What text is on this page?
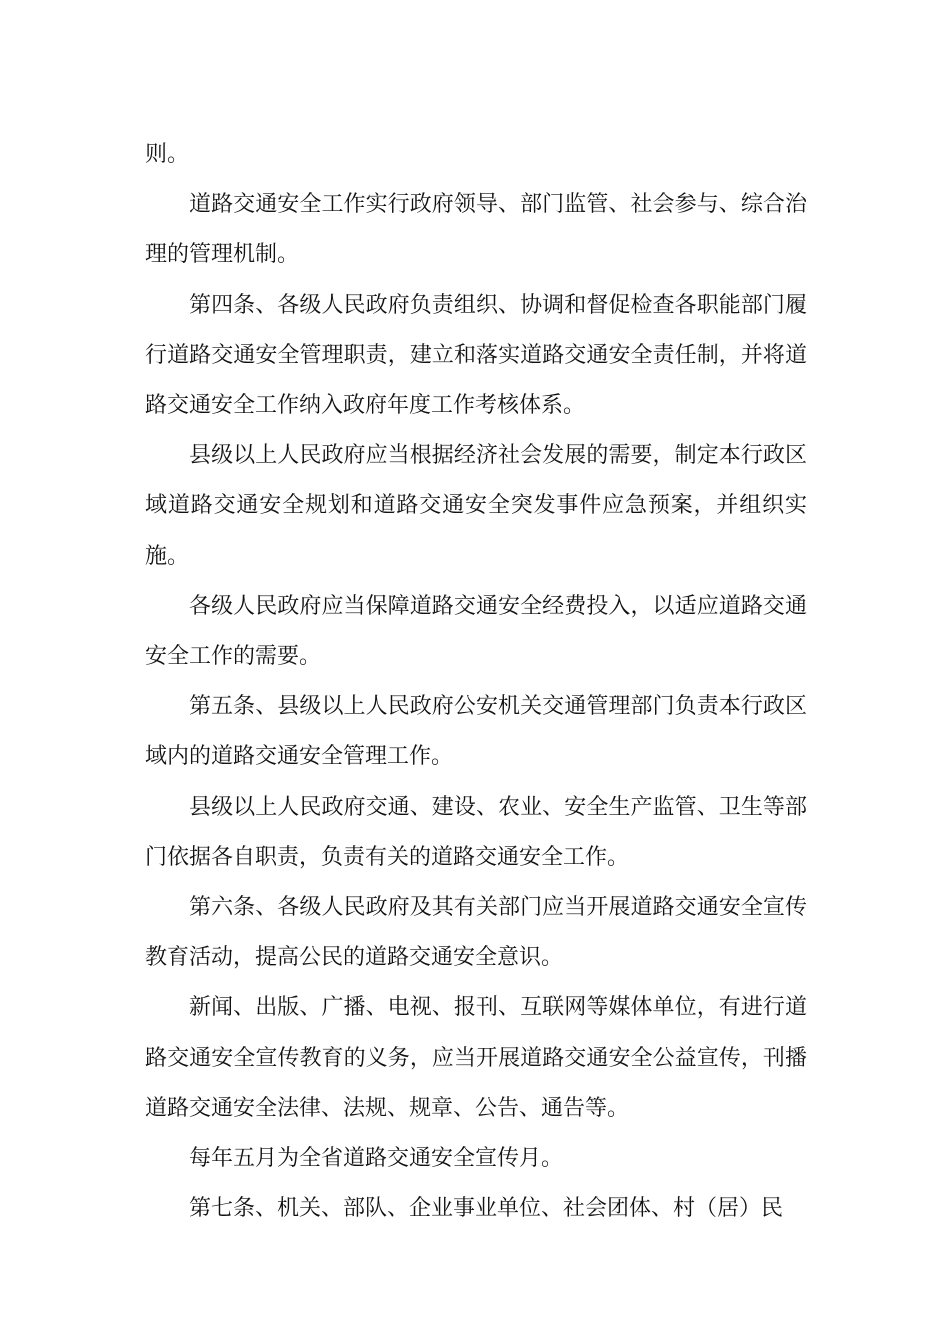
则。

道路交通安全工作实行政府领导、部门监管、社会参与、综合治理的管理机制。

第四条、各级人民政府负责组织、协调和督促检查各职能部门履行道路交通安全管理职责，建立和落实道路交通安全责任制，并将道路交通安全工作纳入政府年度工作考核体系。

县级以上人民政府应当根据经济社会发展的需要，制定本行政区域道路交通安全规划和道路交通安全突发事件应急预案，并组织实施。

各级人民政府应当保障道路交通安全经费投入，以适应道路交通安全工作的需要。

第五条、县级以上人民政府公安机关交通管理部门负责本行政区域内的道路交通安全管理工作。

县级以上人民政府交通、建设、农业、安全生产监管、卫生等部门依据各自职责，负责有关的道路交通安全工作。

第六条、各级人民政府及其有关部门应当开展道路交通安全宣传教育活动，提高公民的道路交通安全意识。

新闻、出版、广播、电视、报刊、互联网等媒体单位，有进行道路交通安全宣传教育的义务，应当开展道路交通安全公益宣传，刊播道路交通安全法律、法规、规章、公告、通告等。

每年五月为全省道路交通安全宣传月。

第七条、机关、部队、企业事业单位、社会团体、村（居）民
